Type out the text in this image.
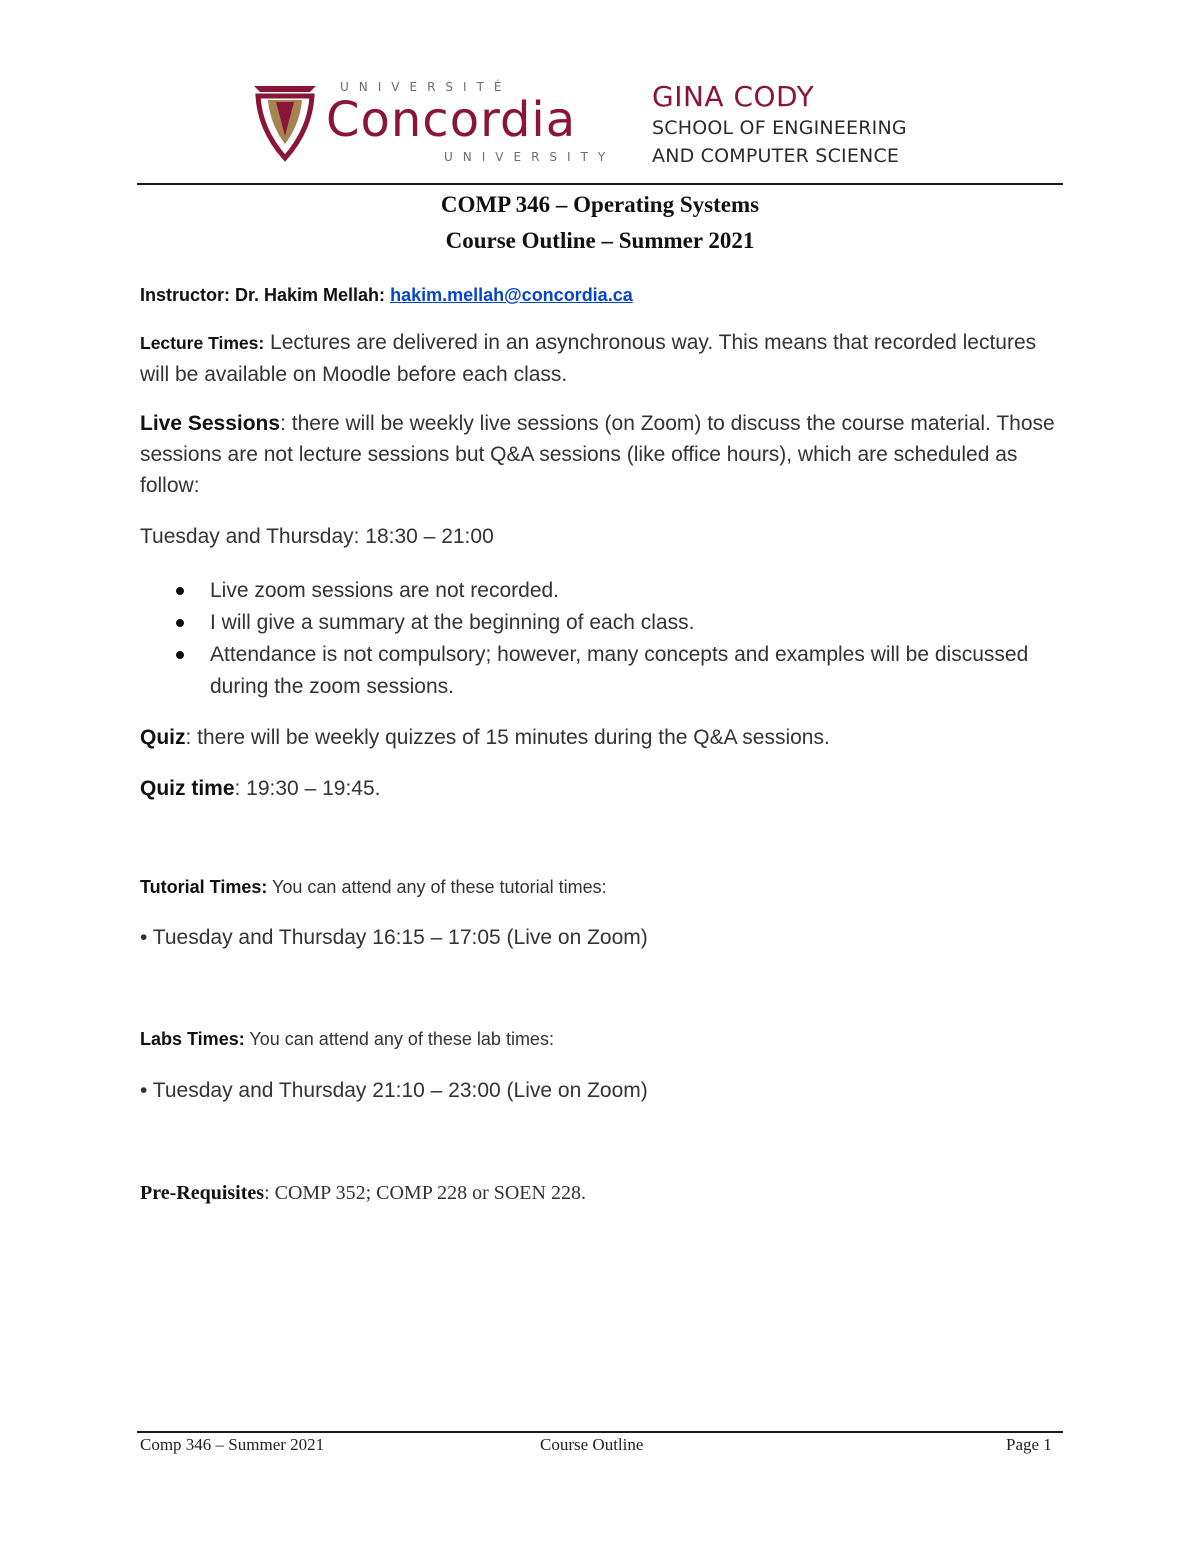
UNIVERSITÉ
Concordia
UNIVERSITY
GINA CODY
SCHOOL OF ENGINEERING
AND COMPUTER SCIENCE
COMP 346 – Operating Systems
Course Outline – Summer 2021
Instructor: Dr. Hakim Mellah: hakim.mellah@concordia.ca
Lecture Times: Lectures are delivered in an asynchronous way. This means that recorded lectures will be available on Moodle before each class.
Live Sessions: there will be weekly live sessions (on Zoom) to discuss the course material. Those sessions are not lecture sessions but Q&A sessions (like office hours), which are scheduled as follow:
Tuesday and Thursday: 18:30 – 21:00
Live zoom sessions are not recorded.
I will give a summary at the beginning of each class.
Attendance is not compulsory; however, many concepts and examples will be discussed during the zoom sessions.
Quiz: there will be weekly quizzes of 15 minutes during the Q&A sessions.
Quiz time: 19:30 – 19:45.
Tutorial Times: You can attend any of these tutorial times:
• Tuesday and Thursday 16:15 – 17:05 (Live on Zoom)
Labs Times: You can attend any of these lab times:
• Tuesday and Thursday 21:10 – 23:00 (Live on Zoom)
Pre-Requisites: COMP 352; COMP 228 or SOEN 228.
Comp 346 – Summer 2021	Course Outline	Page 1
